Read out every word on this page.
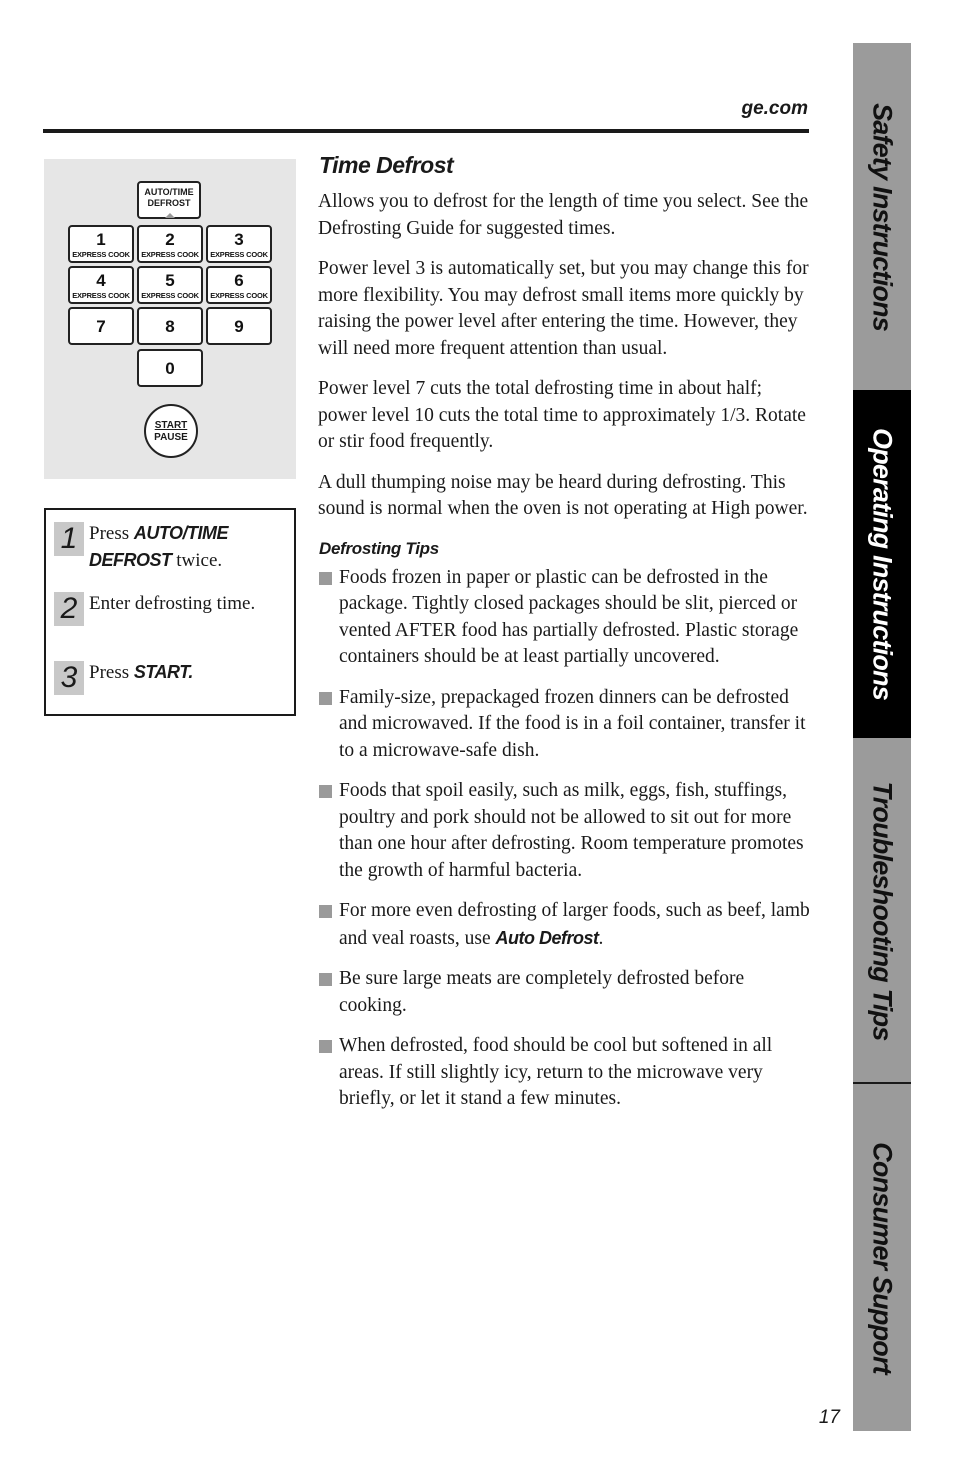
ge.com
AUTO/TIME
DEFROST
1
EXPRESS COOK
2
EXPRESS COOK
3
EXPRESS COOK
4
EXPRESS COOK
5
EXPRESS COOK
6
EXPRESS COOK
7	8	9
0
START
PAUSE
1 Press AUTO/TIME DEFROST twice.
2 Enter defrosting time.
3 Press START.
Time Defrost

Allows you to defrost for the length of time you select. See the Defrosting Guide for suggested times.

Power level 3 is automatically set, but you may change this for more flexibility. You may defrost small items more quickly by raising the power level after entering the time. However, they will need more frequent attention than usual.

Power level 7 cuts the total defrosting time in about half; power level 10 cuts the total time to approximately 1/3. Rotate or stir food frequently.

A dull thumping noise may be heard during defrosting. This sound is normal when the oven is not operating at High power.

Defrosting Tips
Foods frozen in paper or plastic can be defrosted in the package. Tightly closed packages should be slit, pierced or vented AFTER food has partially defrosted. Plastic storage containers should be at least partially uncovered.
Family-size, prepackaged frozen dinners can be defrosted and microwaved. If the food is in a foil container, transfer it to a microwave-safe dish.
Foods that spoil easily, such as milk, eggs, fish, stuffings, poultry and pork should not be allowed to sit out for more than one hour after defrosting. Room temperature promotes the growth of harmful bacteria.
For more even defrosting of larger foods, such as beef, lamb and veal roasts, use Auto Defrost.
Be sure large meats are completely defrosted before cooking.
When defrosted, food should be cool but softened in all areas. If still slightly icy, return to the microwave very briefly, or let it stand a few minutes.
Safety Instructions
Operating Instructions
Troubleshooting Tips
Consumer Support
17
